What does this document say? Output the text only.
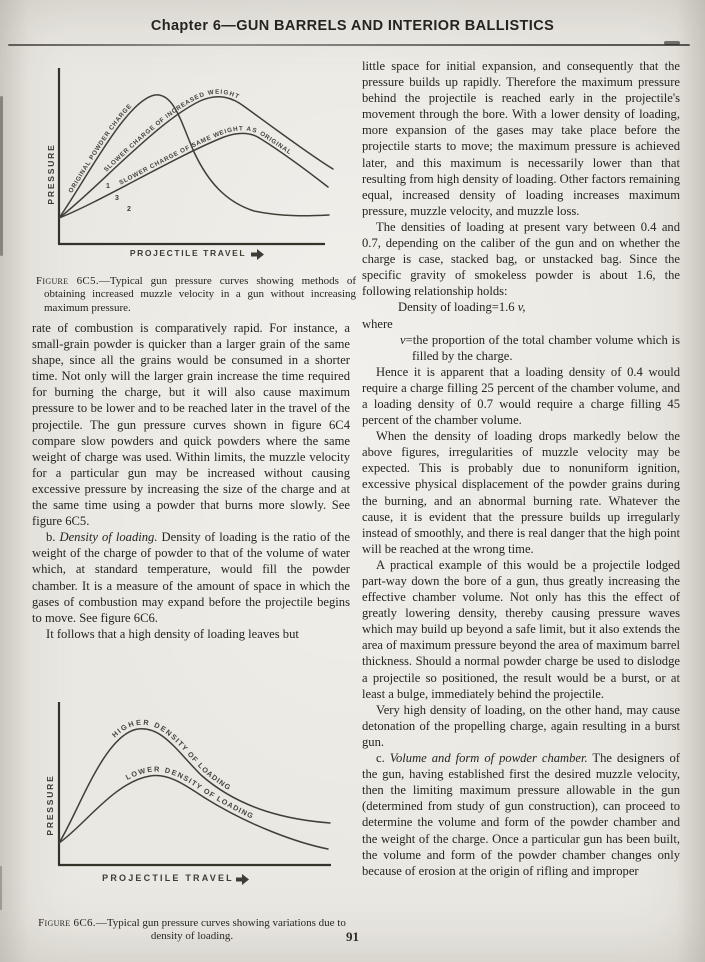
Chapter 6—GUN BARRELS AND INTERIOR BALLISTICS
1
3
2
ORIGINAL POWDER CHARGE
SLOWER CHARGE OF INCREASED WEIGHT
SLOWER CHARGE OF SAME WEIGHT AS ORIGINAL
PRESSURE
PROJECTILE TRAVEL

Figure 6C5.—Typical gun pressure curves showing methods of obtaining increased muzzle velocity in a gun without increasing maximum pressure.

rate of combustion is comparatively rapid. For instance, a small-grain powder is quicker than a larger grain of the same shape, since all the grains would be consumed in a shorter time. Not only will the larger grain increase the time required for burning the charge, but it will also cause maximum pressure to be lower and to be reached later in the travel of the projectile. The gun pressure curves shown in figure 6C4 compare slow powders and quick powders where the same weight of charge was used. Within limits, the muzzle velocity for a particular gun may be increased without causing excessive pressure by increasing the size of the charge and at the same time using a powder that burns more slowly. See figure 6C5.

b. Density of loading. Density of loading is the ratio of the weight of the charge of powder to that of the volume of water which, at standard temperature, would fill the powder chamber. It is a measure of the amount of space in which the gases of combustion may expand before the projectile begins to move. See figure 6C6.

It follows that a high density of loading leaves but

HIGHER DENSITY OF LOADING
LOWER DENSITY OF LOADING
PRESSURE
PROJECTILE TRAVEL

Figure 6C6.—Typical gun pressure curves showing variations due to density of loading.

little space for initial expansion, and consequently that the pressure builds up rapidly. Therefore the maximum pressure behind the projectile is reached early in the projectile's movement through the bore. With a lower density of loading, more expansion of the gases may take place before the projectile starts to move; the maximum pressure is achieved later, and this maximum is necessarily lower than that resulting from high density of loading. Other factors remaining equal, increased density of loading increases maximum pressure, muzzle velocity, and muzzle loss.

The densities of loading at present vary between 0.4 and 0.7, depending on the caliber of the gun and on whether the charge is case, stacked bag, or unstacked bag. Since the specific gravity of smokeless powder is about 1.6, the following relationship holds:

Density of loading=1.6 v,

where

v=the proportion of the total chamber volume which is filled by the charge.

Hence it is apparent that a loading density of 0.4 would require a charge filling 25 percent of the chamber volume, and a loading density of 0.7 would require a charge filling 45 percent of the chamber volume.

When the density of loading drops markedly below the above figures, irregularities of muzzle velocity may be expected. This is probably due to nonuniform ignition, excessive physical displacement of the powder grains during the burning, and an abnormal burning rate. Whatever the cause, it is evident that the pressure builds up irregularly instead of smoothly, and there is real danger that the high point will be reached at the wrong time.

A practical example of this would be a projectile lodged part-way down the bore of a gun, thus greatly increasing the effective chamber volume. Not only has this the effect of greatly lowering density, thereby causing pressure waves which may build up beyond a safe limit, but it also extends the area of maximum pressure beyond the area of maximum barrel thickness. Should a normal powder charge be used to dislodge a projectile so positioned, the result would be a burst, or at least a bulge, immediately behind the projectile.

Very high density of loading, on the other hand, may cause detonation of the propelling charge, again resulting in a burst gun.

c. Volume and form of powder chamber. The designers of the gun, having established first the desired muzzle velocity, then the limiting maximum pressure allowable in the gun (determined from study of gun construction), can proceed to determine the volume and form of the powder chamber and the weight of the charge. Once a particular gun has been built, the volume and form of the powder chamber changes only because of erosion at the origin of rifling and improper

91
